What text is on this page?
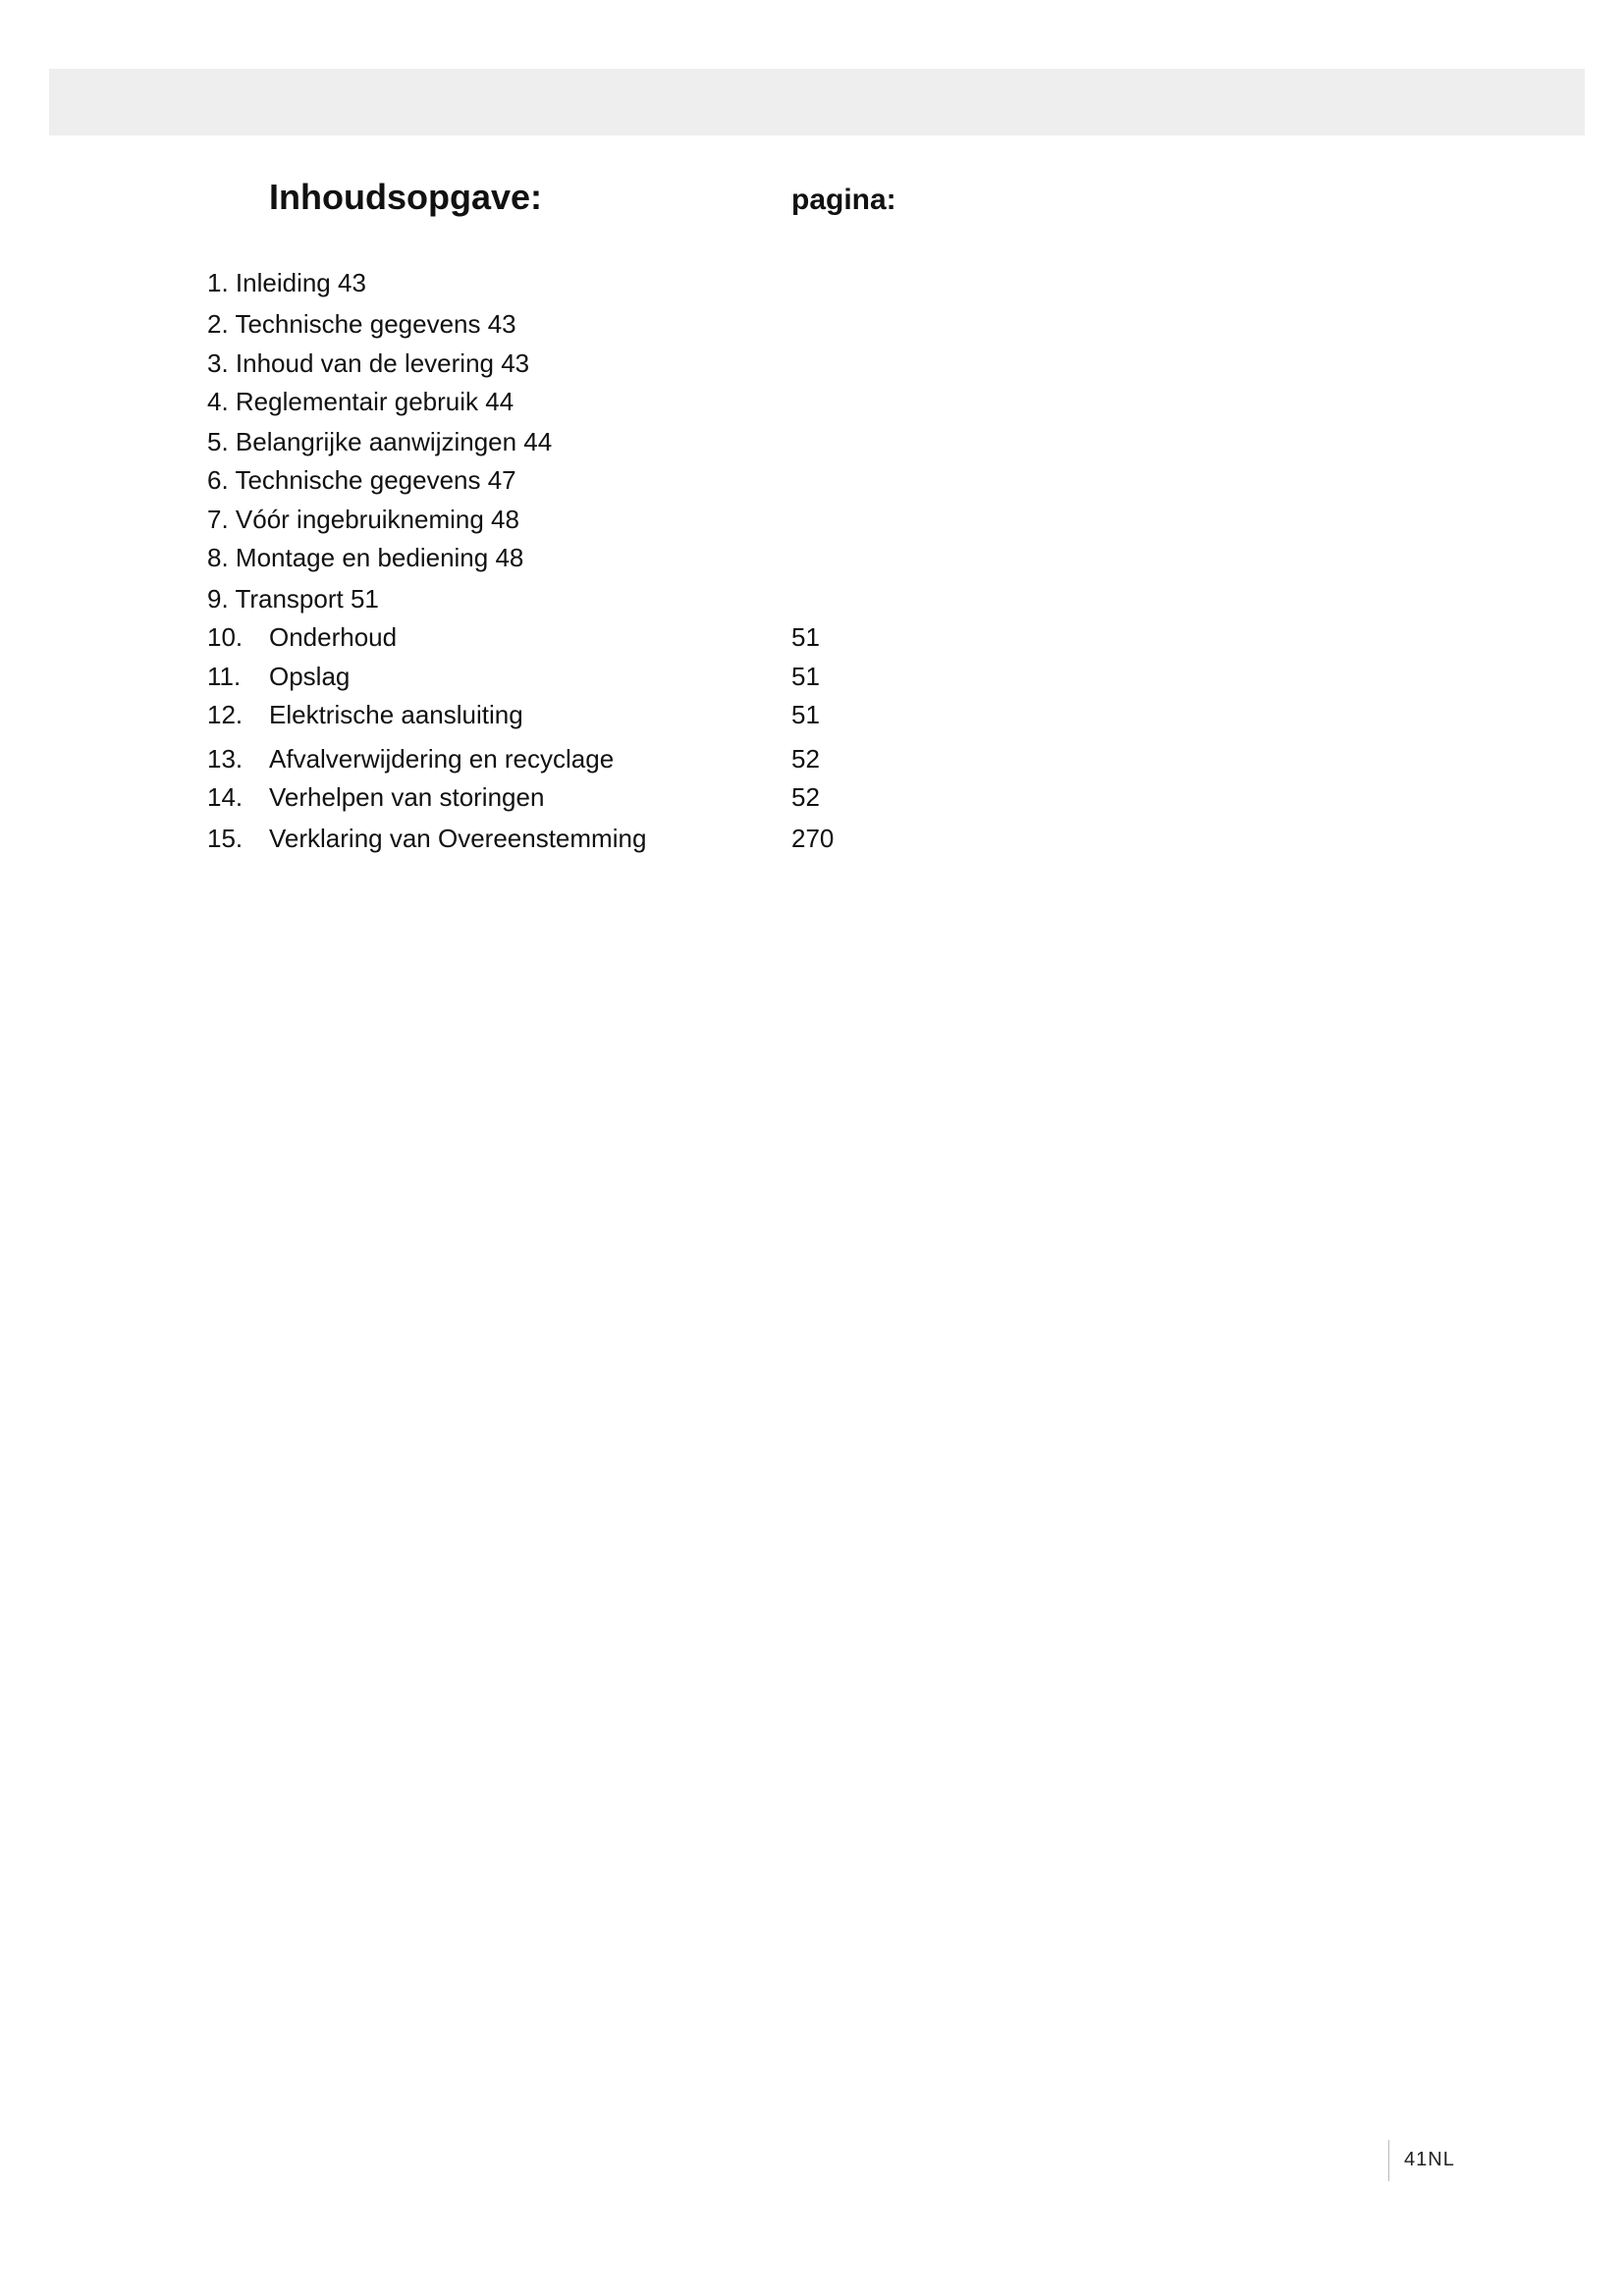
Inhoudsopgave:	pagina:
1. Inleiding 43
2. Technische gegevens 43
3. Inhoud van de levering 43
4. Reglementair gebruik 44
5. Belangrijke aanwijzingen 44
6. Technische gegevens 47
7. Vóór ingebruikneming 48
8. Montage en bediening 48
9. Transport 51
10. Onderhoud	51
11. Opslag	51
12. Elektrische aansluiting	51
13. Afvalverwijdering en recyclage	52
14. Verhelpen van storingen	52
15. Verklaring van Overeenstemming	270
41NL
